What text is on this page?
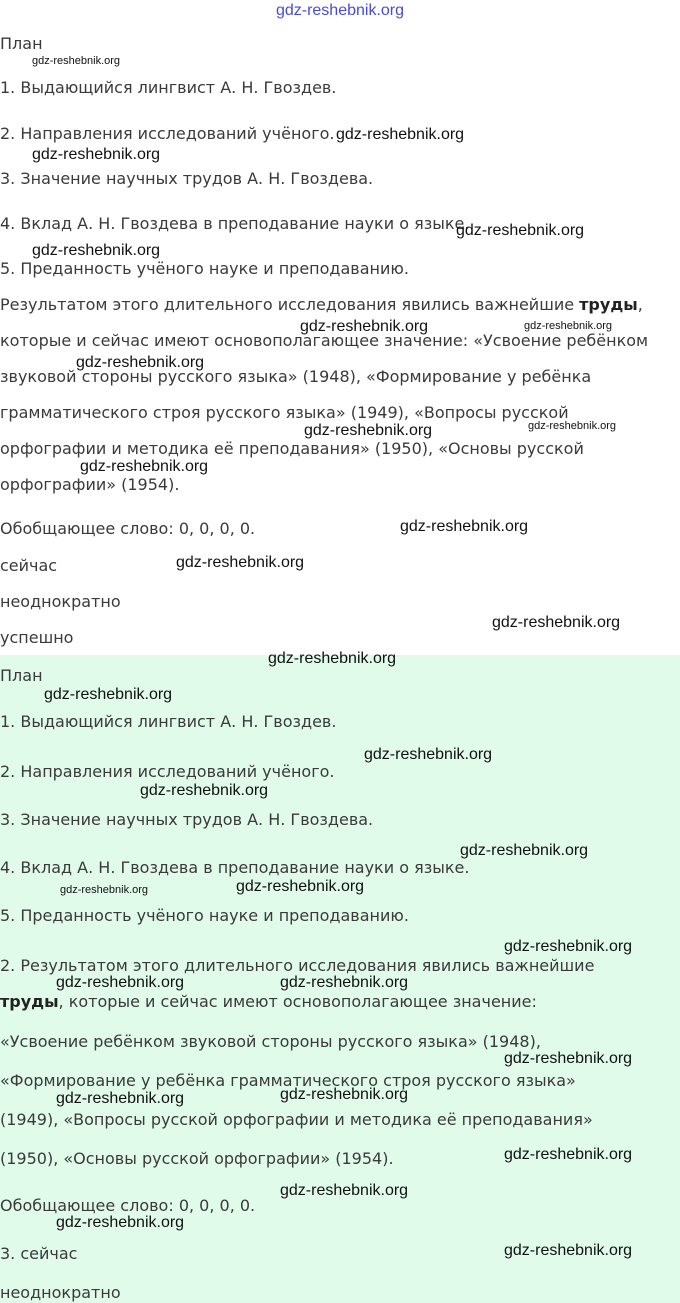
План
1. Выдающийся лингвист А. Н. Гвоздев.
2. Направления исследований учёного.
3. Значение научных трудов А. Н. Гвоздева.
4. Вклад А. Н. Гвоздева в преподавание науки о языке.
5. Преданность учёного науке и преподаванию.
Результатом этого длительного исследования явились важнейшие труды,
которые и сейчас имеют основополагающее значение: «Усвоение ребёнком
звуковой стороны русского языка» (1948), «Формирование у ребёнка
грамматического строя русского языка» (1949), «Вопросы русской
орфографии и методика её преподавания» (1950), «Основы русской
орфографии» (1954).
Обобщающее слово: 0, 0, 0, 0.
сейчас
неоднократно
успешно
План
1. Выдающийся лингвист А. Н. Гвоздев.
2. Направления исследований учёного.
3. Значение научных трудов А. Н. Гвоздева.
4. Вклад А. Н. Гвоздева в преподавание науки о языке.
5. Преданность учёного науке и преподаванию.
2. Результатом этого длительного исследования явились важнейшие
труды, которые и сейчас имеют основополагающее значение:
«Усвоение ребёнком звуковой стороны русского языка» (1948),
«Формирование у ребёнка грамматического строя русского языка»
(1949), «Вопросы русской орфографии и методика её преподавания»
(1950), «Основы русской орфографии» (1954).
Обобщающее слово: 0, 0, 0, 0.
3. сейчас
неоднократно
gdz-reshebnik.org
gdz-reshebnik.org
gdz-reshebnik.org
gdz-reshebnik.org
gdz-reshebnik.org
gdz-reshebnik.org
gdz-reshebnik.org	gdz-reshebnik.org
gdz-reshebnik.org
gdz-reshebnik.org	gdz-reshebnik.org
gdz-reshebnik.org
gdz-reshebnik.org
gdz-reshebnik.org
gdz-reshebnik.org
gdz-reshebnik.org
gdz-reshebnik.org
gdz-reshebnik.org
gdz-reshebnik.org
gdz-reshebnik.org
gdz-reshebnik.org	gdz-reshebnik.org
gdz-reshebnik.org
gdz-reshebnik.org	gdz-reshebnik.org
gdz-reshebnik.org
gdz-reshebnik.org
gdz-reshebnik.org
gdz-reshebnik.org
gdz-reshebnik.org
gdz-reshebnik.org
gdz-reshebnik.org
